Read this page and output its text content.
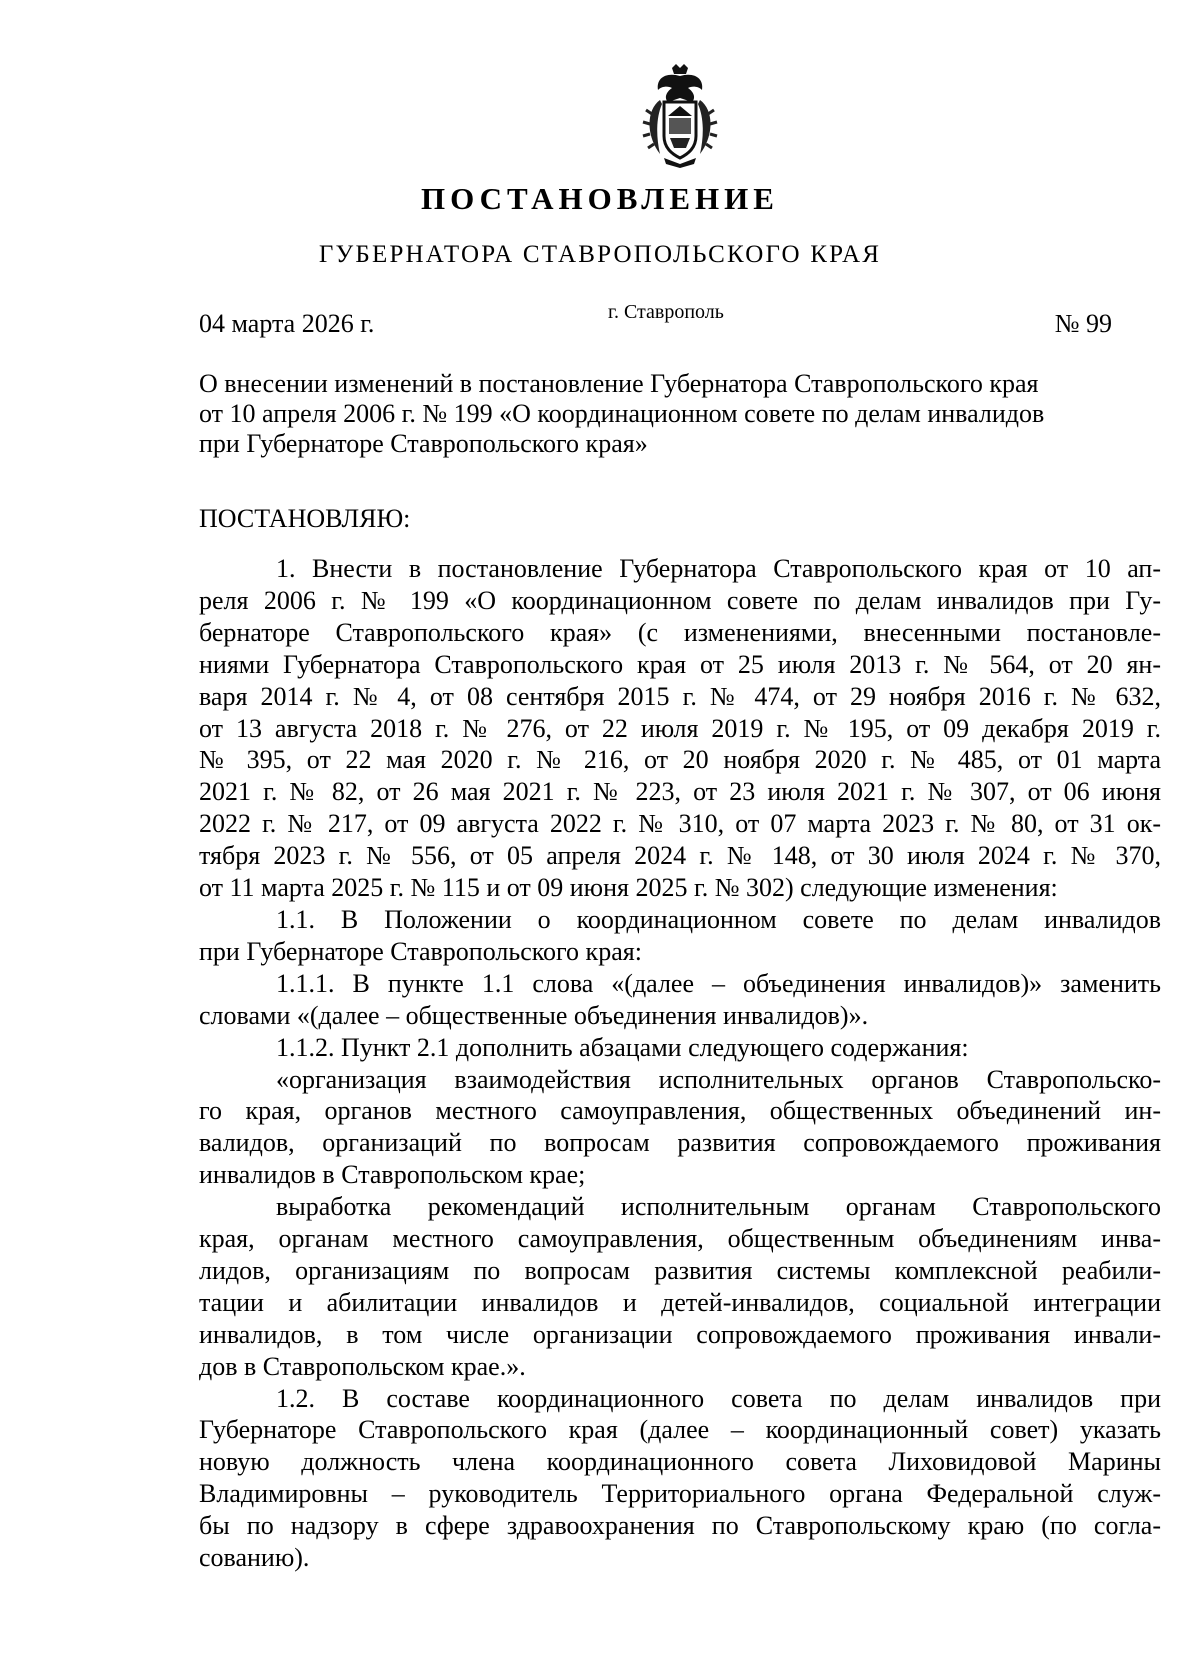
ПОСТАНОВЛЕНИЕ
ГУБЕРНАТОРА СТАВРОПОЛЬСКОГО КРАЯ
04 марта 2026 г.	г. Ставрополь	№ 99
О внесении изменений в постановление Губернатора Ставропольского края
от 10 апреля 2006 г. № 199 «О координационном совете по делам инвалидов
при Губернаторе Ставропольского края»
ПОСТАНОВЛЯЮ:
1. Внести в постановление Губернатора Ставропольского края от 10 ап-
реля 2006 г. № 199 «О координационном совете по делам инвалидов при Гу-
бернаторе Ставропольского края» (с изменениями, внесенными постановле-
ниями Губернатора Ставропольского края от 25 июля 2013 г. № 564, от 20 ян-
варя 2014 г. № 4, от 08 сентября 2015 г. № 474, от 29 ноября 2016 г. № 632,
от 13 августа 2018 г. № 276, от 22 июля 2019 г. № 195, от 09 декабря 2019 г.
№ 395, от 22 мая 2020 г. № 216, от 20 ноября 2020 г. № 485, от 01 марта
2021 г. № 82, от 26 мая 2021 г. № 223, от 23 июля 2021 г. № 307, от 06 июня
2022 г. № 217, от 09 августа 2022 г. № 310, от 07 марта 2023 г. № 80, от 31 ок-
тября 2023 г. № 556, от 05 апреля 2024 г. № 148, от 30 июля 2024 г. № 370,
от 11 марта 2025 г. № 115 и от 09 июня 2025 г. № 302) следующие изменения:
1.1. В Положении о координационном совете по делам инвалидов
при Губернаторе Ставропольского края:
1.1.1. В пункте 1.1 слова «(далее – объединения инвалидов)» заменить
словами «(далее – общественные объединения инвалидов)».
1.1.2. Пункт 2.1 дополнить абзацами следующего содержания:
«организация взаимодействия исполнительных органов Ставропольско-
го края, органов местного самоуправления, общественных объединений ин-
валидов, организаций по вопросам развития сопровождаемого проживания
инвалидов в Ставропольском крае;
выработка рекомендаций исполнительным органам Ставропольского
края, органам местного самоуправления, общественным объединениям инва-
лидов, организациям по вопросам развития системы комплексной реабили-
тации и абилитации инвалидов и детей-инвалидов, социальной интеграции
инвалидов, в том числе организации сопровождаемого проживания инвали-
дов в Ставропольском крае.».
1.2. В составе координационного совета по делам инвалидов при
Губернаторе Ставропольского края (далее – координационный совет) указать
новую должность члена координационного совета Лиховидовой Марины
Владимировны – руководитель Территориального органа Федеральной служ-
бы по надзору в сфере здравоохранения по Ставропольскому краю (по согла-
сованию).
